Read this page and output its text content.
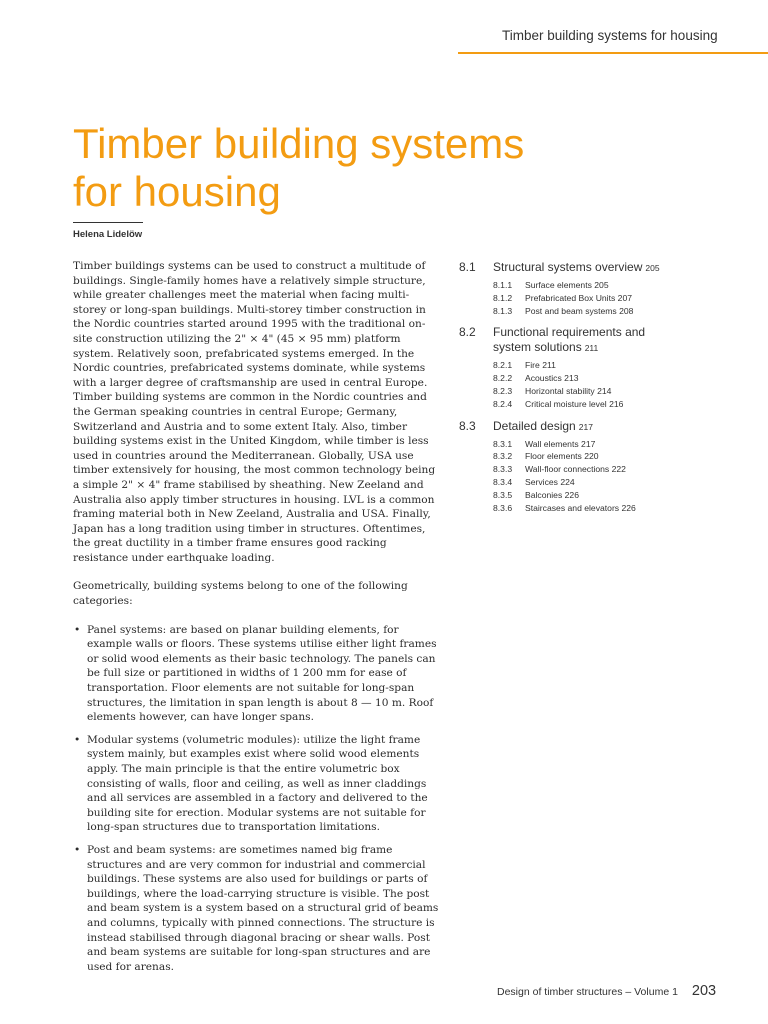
Timber building systems for housing
Timber building systems
for housing
Helena Lidelöw

Timber buildings systems can be used to construct a multitude of buildings. Single-family homes have a relatively simple structure, while greater challenges meet the material when facing multi-storey or long-span buildings. Multi-storey timber construction in the Nordic countries started around 1995 with the traditional on-site construction utilizing the 2" × 4" (45 × 95 mm) platform system. Relatively soon, prefabricated systems emerged. In the Nordic countries, prefabricated systems dominate, while systems with a larger degree of craftsmanship are used in central Europe. Timber building systems are common in the Nordic countries and the German speaking countries in central Europe; Germany, Switzerland and Austria and to some extent Italy. Also, timber building systems exist in the United Kingdom, while timber is less used in countries around the Mediterranean. Globally, USA use timber extensively for housing, the most common technology being a simple 2" × 4" frame stabilised by sheathing. New Zeeland and Australia also apply timber structures in housing. LVL is a common framing material both in New Zeeland, Australia and USA. Finally, Japan has a long tradition using timber in structures. Oftentimes, the great ductility in a timber frame ensures good racking resistance under earthquake loading.

Geometrically, building systems belong to one of the following categories:

• Panel systems: are based on planar building elements, for example walls or floors. These systems utilise either light frames or solid wood elements as their basic technology. The panels can be full size or partitioned in widths of 1 200 mm for ease of transportation. Floor elements are not suitable for long-span structures, the limitation in span length is about 8 — 10 m. Roof elements however, can have longer spans.
• Modular systems (volumetric modules): utilize the light frame system mainly, but examples exist where solid wood elements apply. The main principle is that the entire volumetric box consisting of walls, floor and ceiling, as well as inner claddings and all services are assembled in a factory and delivered to the building site for erection. Modular systems are not suitable for long-span structures due to transportation limitations.
• Post and beam systems: are sometimes named big frame structures and are very common for industrial and commercial buildings. These systems are also used for buildings or parts of buildings, where the load-carrying structure is visible. The post and beam system is a system based on a structural grid of beams and columns, typically with pinned connections. The structure is instead stabilised through diagonal bracing or shear walls. Post and beam systems are suitable for long-span structures and are used for arenas.
8.1	Structural systems overview 205
8.1.1	Surface elements 205
8.1.2	Prefabricated Box Units 207
8.1.3	Post and beam systems 208
8.2	Functional requirements and
system solutions 211
8.2.1	Fire 211
8.2.2	Acoustics 213
8.2.3	Horizontal stability 214
8.2.4	Critical moisture level 216
8.3	Detailed design 217
8.3.1	Wall elements 217
8.3.2	Floor elements 220
8.3.3	Wall-floor connections 222
8.3.4	Services 224
8.3.5	Balconies 226
8.3.6	Staircases and elevators 226
Design of timber structures – Volume 1 203
